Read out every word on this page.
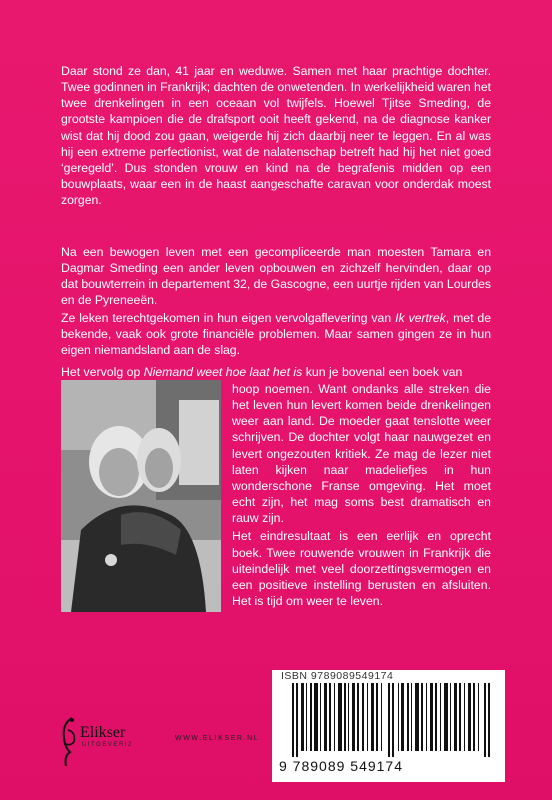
Daar stond ze dan, 41 jaar en weduwe. Samen met haar prachtige dochter. Twee godinnen in Frankrijk; dachten de onwetenden. In werkelijkheid waren het twee drenkelingen in een oceaan vol twijfels. Hoewel Tjitse Smeding, de grootste kampioen die de drafsport ooit heeft gekend, na de diagnose kanker wist dat hij dood zou gaan, weigerde hij zich daarbij neer te leggen. En al was hij een extreme perfectionist, wat de nalatenschap betreft had hij het niet goed ‘geregeld’. Dus stonden vrouw en kind na de begrafenis midden op een bouwplaats, waar een in de haast aangeschafte caravan voor onderdak moest zorgen.

Na een bewogen leven met een gecompliceerde man moesten Tamara en Dagmar Smeding een ander leven opbouwen en zichzelf hervinden, daar op dat bouwterrein in departement 32, de Gascogne, een uurtje rijden van Lourdes en de Pyreneeën.

Ze leken terechtgekomen in hun eigen vervolgaflevering van Ik vertrek, met de bekende, vaak ook grote financiële problemen. Maar samen gingen ze in hun eigen niemandsland aan de slag.

Het vervolg op Niemand weet hoe laat het is kun je bovenal een boek van

hoop noemen. Want ondanks alle streken die het leven hun levert komen beide drenkelingen weer aan land. De moeder gaat tenslotte weer schrijven. De dochter volgt haar nauwgezet en levert ongezouten kritiek. Ze mag de lezer niet laten kijken naar madeliefjes in hun wonderschone Franse omgeving. Het moet echt zijn, het mag soms best dramatisch en rauw zijn.

Het eindresultaat is een eerlijk en oprecht boek. Twee rouwende vrouwen in Frankrijk die uiteindelijk met veel doorzettingsvermogen en een positieve instelling berusten en afsluiten. Het is tijd om weer te leven.

ISBN 9789089549174
9 789089 549174
Elikser
UITGEVERIJ
WWW.ELIKSER.NL
